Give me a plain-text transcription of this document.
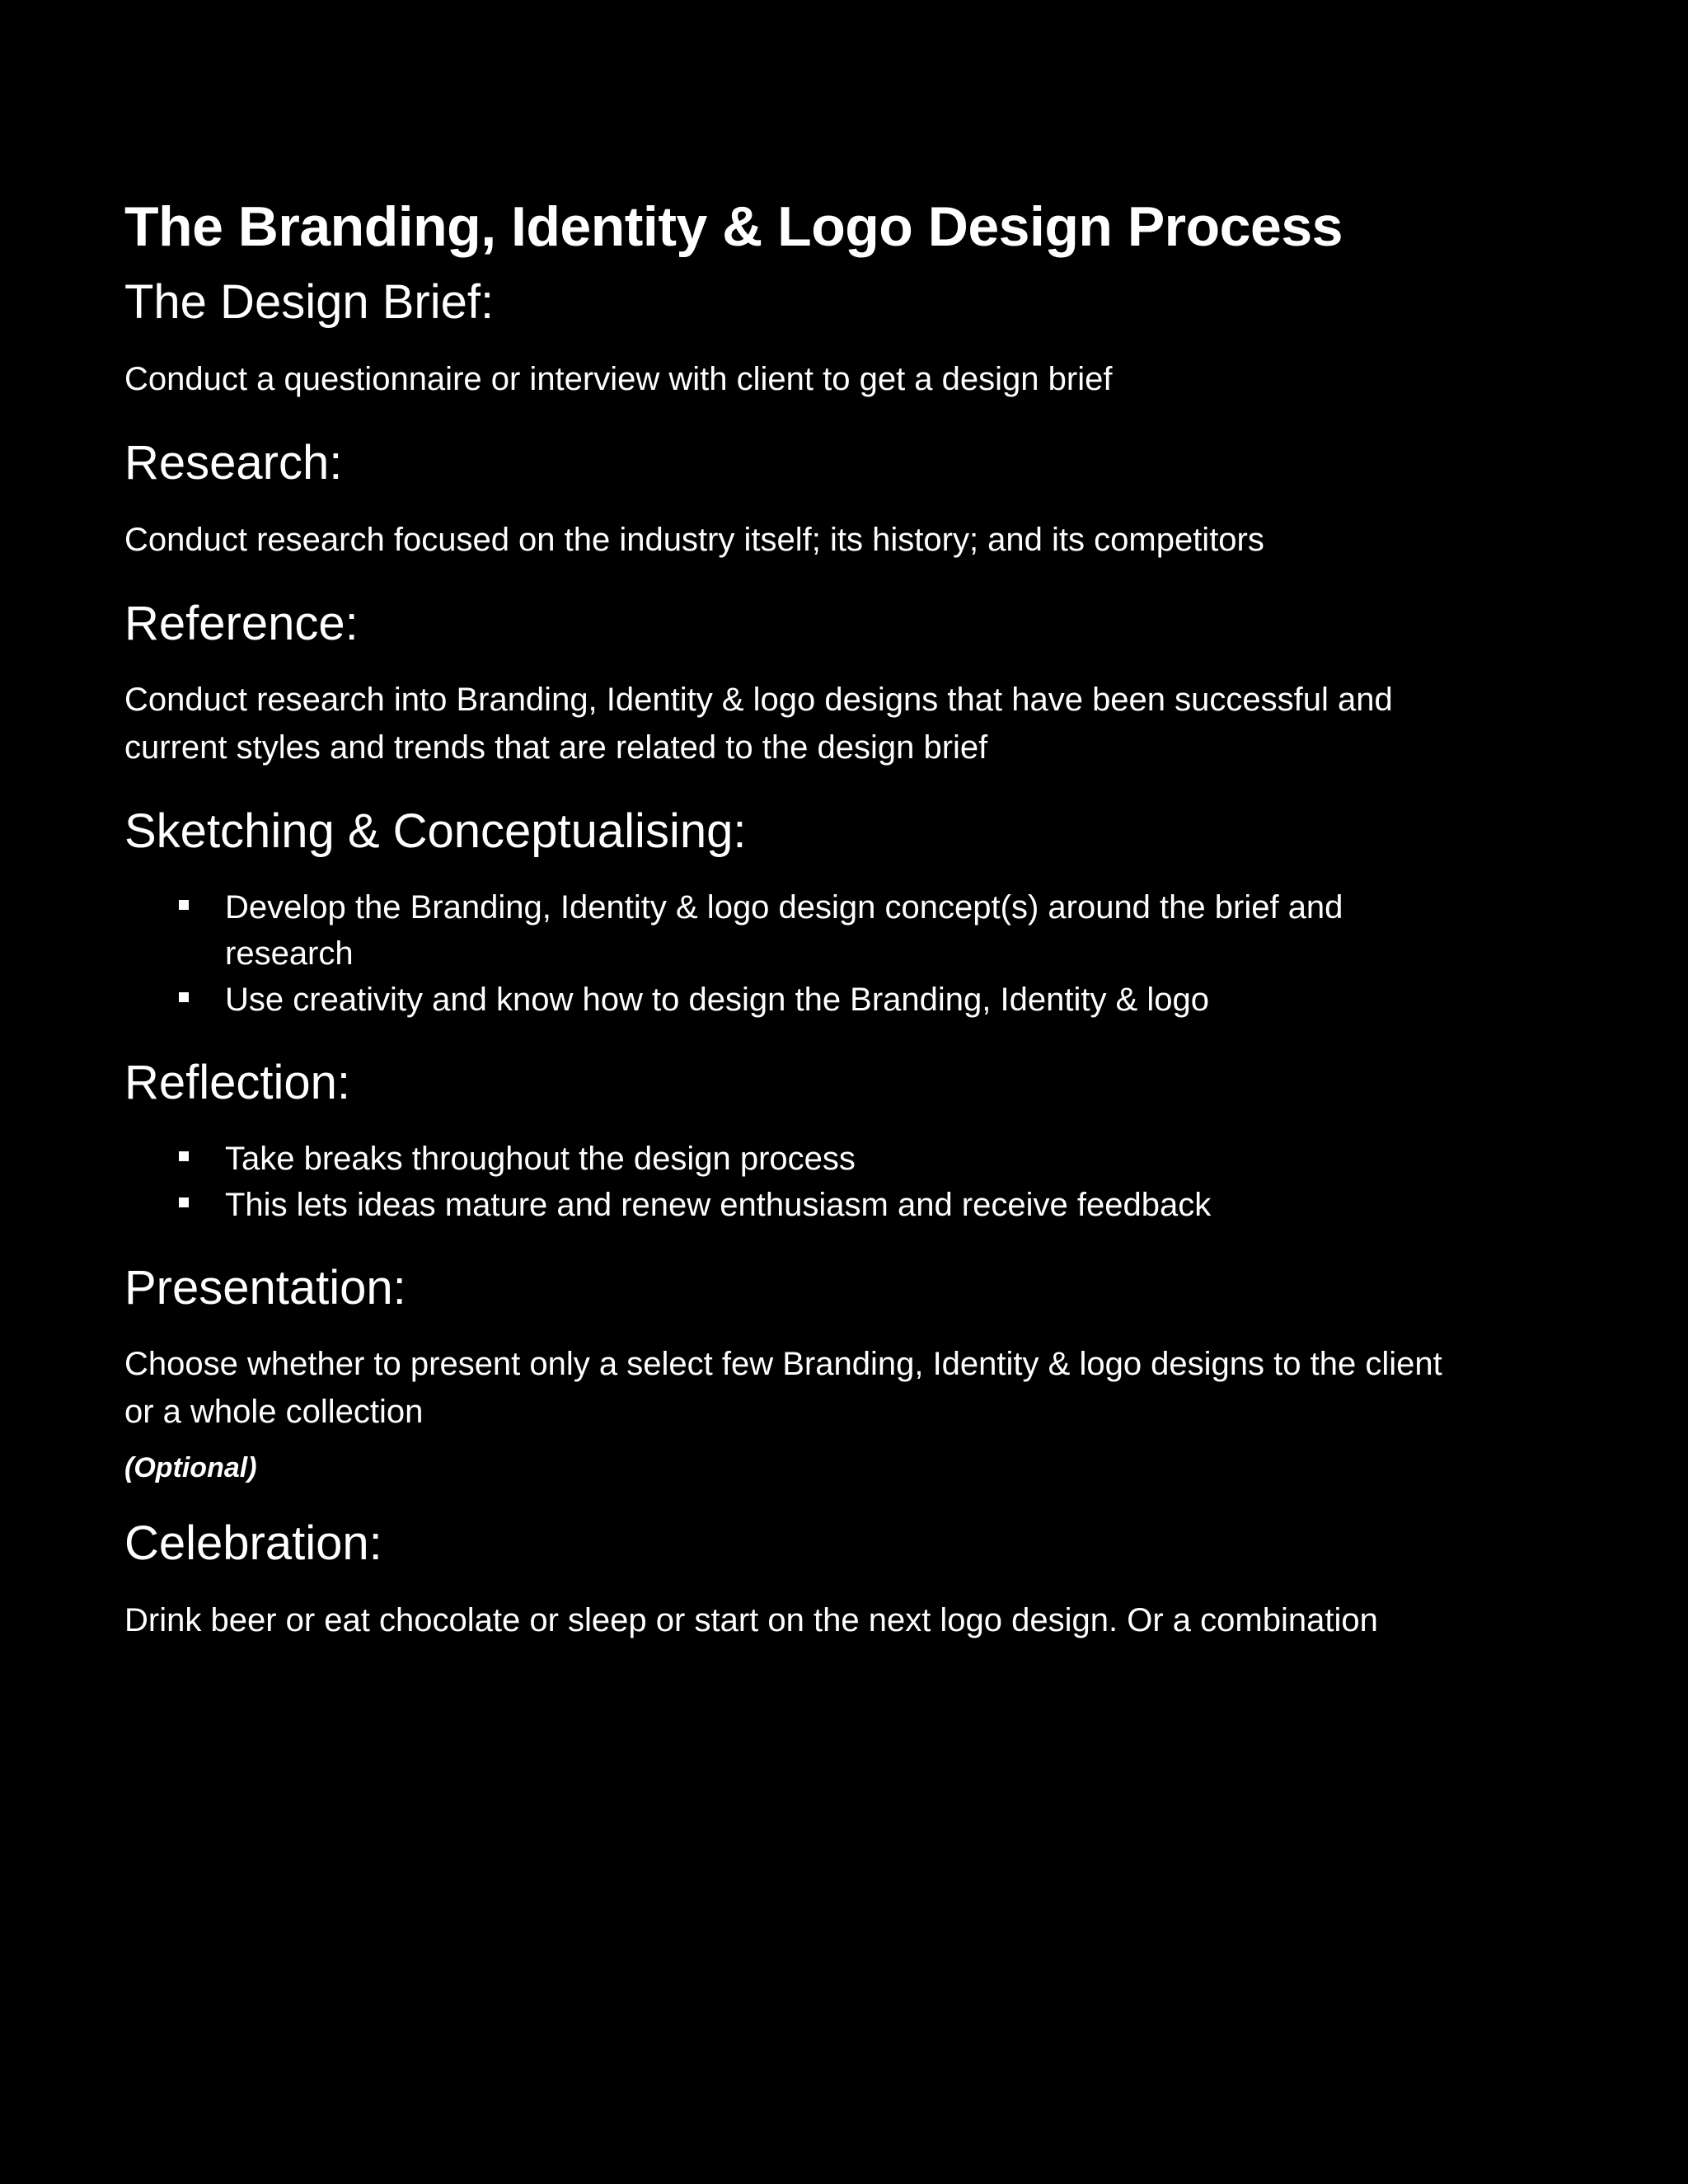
The Branding, Identity & Logo Design Process
The Design Brief:

Conduct a questionnaire or interview with client to get a design brief

Research:

Conduct research focused on the industry itself; its history; and its competitors

Reference:

Conduct research into Branding, Identity & logo designs that have been successful and
current styles and trends that are related to the design brief

Sketching & Conceptualising:
Develop the Branding, Identity & logo design concept(s) around the brief and
research
Use creativity and know how to design the Branding, Identity & logo
Reflection:
Take breaks throughout the design process
This lets ideas mature and renew enthusiasm and receive feedback
Presentation:

Choose whether to present only a select few Branding, Identity & logo designs to the client
or a whole collection

(Optional)

Celebration:

Drink beer or eat chocolate or sleep or start on the next logo design. Or a combination
